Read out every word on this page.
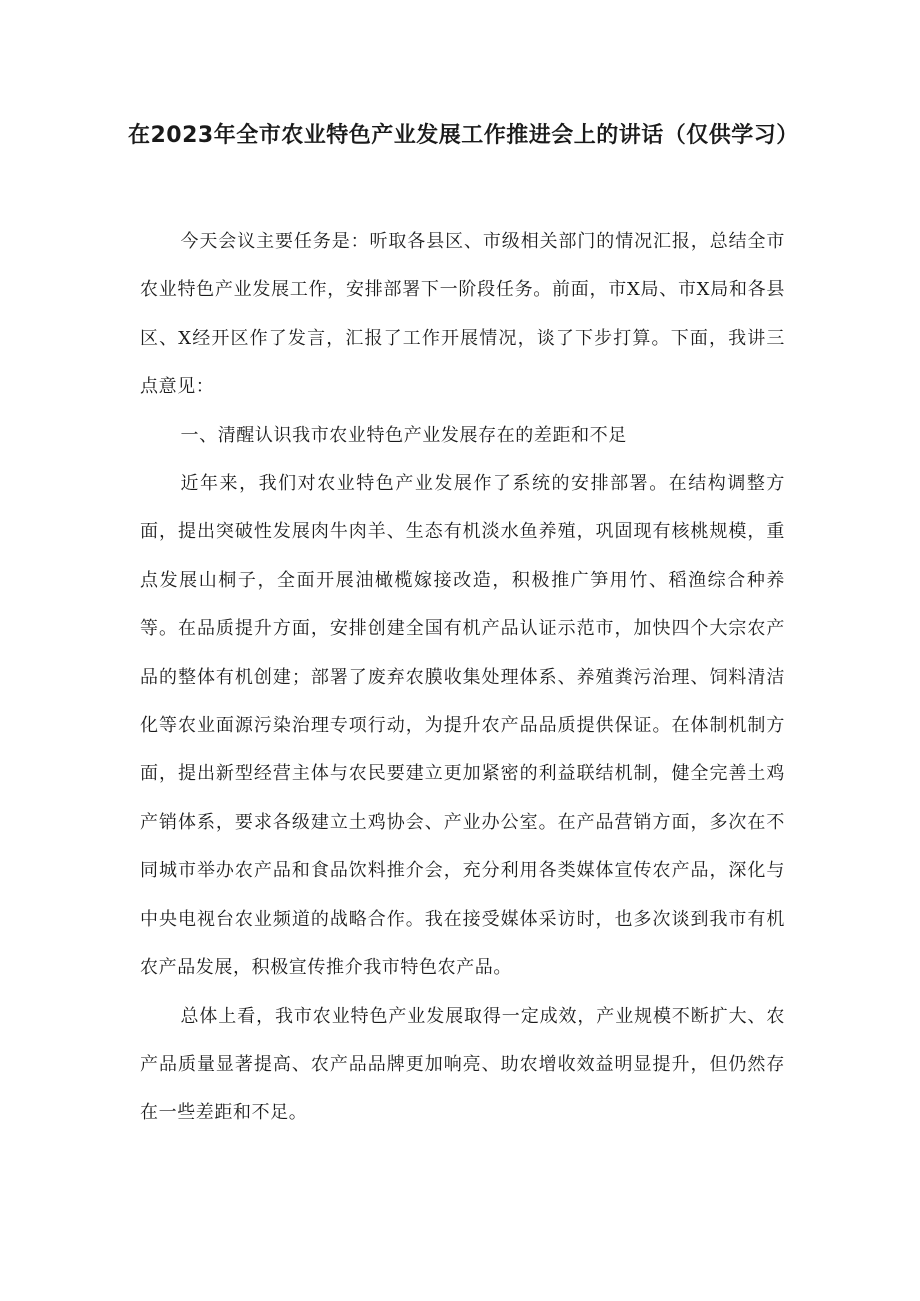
在2023年全市农业特色产业发展工作推进会上的讲话（仅供学习）

今天会议主要任务是：听取各县区、市级相关部门的情况汇报，总结全市农业特色产业发展工作，安排部署下一阶段任务。前面，市X局、市X局和各县区、X经开区作了发言，汇报了工作开展情况，谈了下步打算。下面，我讲三点意见：

一、清醒认识我市农业特色产业发展存在的差距和不足

近年来，我们对农业特色产业发展作了系统的安排部署。在结构调整方面，提出突破性发展肉牛肉羊、生态有机淡水鱼养殖，巩固现有核桃规模，重点发展山桐子，全面开展油橄榄嫁接改造，积极推广笋用竹、稻渔综合种养等。在品质提升方面，安排创建全国有机产品认证示范市，加快四个大宗农产品的整体有机创建；部署了废弃农膜收集处理体系、养殖粪污治理、饲料清洁化等农业面源污染治理专项行动，为提升农产品品质提供保证。在体制机制方面，提出新型经营主体与农民要建立更加紧密的利益联结机制，健全完善土鸡产销体系，要求各级建立土鸡协会、产业办公室。在产品营销方面，多次在不同城市举办农产品和食品饮料推介会，充分利用各类媒体宣传农产品，深化与中央电视台农业频道的战略合作。我在接受媒体采访时，也多次谈到我市有机农产品发展，积极宣传推介我市特色农产品。

总体上看，我市农业特色产业发展取得一定成效，产业规模不断扩大、农产品质量显著提高、农产品品牌更加响亮、助农增收效益明显提升，但仍然存在一些差距和不足。
